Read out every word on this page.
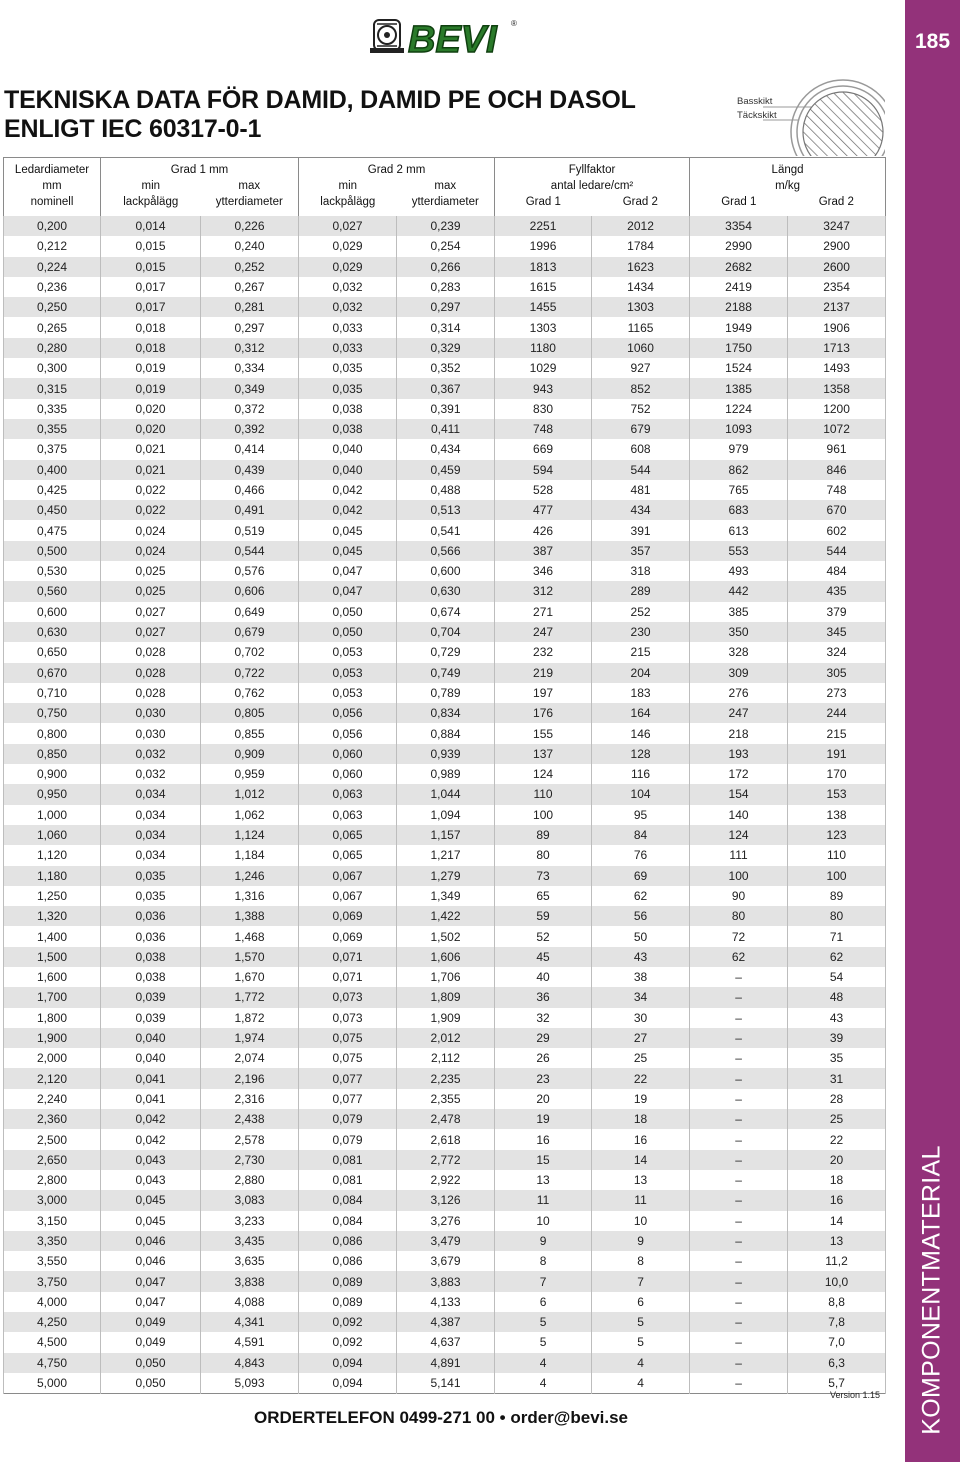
BEVI ®
TEKNISKA DATA FÖR DAMID, DAMID PE OCH DASOL
ENLIGT IEC 60317-0-1
Basskikt
Täckskikt
185
KOMPONENTMATERIAL
Ledardiameter	Grad 1 mm		Grad 2 mm		Fyllfaktor		Längd	
mm	min	max	min	max	antal ledare/cm²		m/kg	
nominell	lackpålägg	ytterdiameter	lackpålägg	ytterdiameter	Grad 1	Grad 2	Grad 1	Grad 2
0,200	0,014	0,226	0,027	0,239	2251	2012	3354	3247
0,212	0,015	0,240	0,029	0,254	1996	1784	2990	2900
0,224	0,015	0,252	0,029	0,266	1813	1623	2682	2600
0,236	0,017	0,267	0,032	0,283	1615	1434	2419	2354
0,250	0,017	0,281	0,032	0,297	1455	1303	2188	2137
0,265	0,018	0,297	0,033	0,314	1303	1165	1949	1906
0,280	0,018	0,312	0,033	0,329	1180	1060	1750	1713
0,300	0,019	0,334	0,035	0,352	1029	927	1524	1493
0,315	0,019	0,349	0,035	0,367	943	852	1385	1358
0,335	0,020	0,372	0,038	0,391	830	752	1224	1200
0,355	0,020	0,392	0,038	0,411	748	679	1093	1072
0,375	0,021	0,414	0,040	0,434	669	608	979	961
0,400	0,021	0,439	0,040	0,459	594	544	862	846
0,425	0,022	0,466	0,042	0,488	528	481	765	748
0,450	0,022	0,491	0,042	0,513	477	434	683	670
0,475	0,024	0,519	0,045	0,541	426	391	613	602
0,500	0,024	0,544	0,045	0,566	387	357	553	544
0,530	0,025	0,576	0,047	0,600	346	318	493	484
0,560	0,025	0,606	0,047	0,630	312	289	442	435
0,600	0,027	0,649	0,050	0,674	271	252	385	379
0,630	0,027	0,679	0,050	0,704	247	230	350	345
0,650	0,028	0,702	0,053	0,729	232	215	328	324
0,670	0,028	0,722	0,053	0,749	219	204	309	305
0,710	0,028	0,762	0,053	0,789	197	183	276	273
0,750	0,030	0,805	0,056	0,834	176	164	247	244
0,800	0,030	0,855	0,056	0,884	155	146	218	215
0,850	0,032	0,909	0,060	0,939	137	128	193	191
0,900	0,032	0,959	0,060	0,989	124	116	172	170
0,950	0,034	1,012	0,063	1,044	110	104	154	153
1,000	0,034	1,062	0,063	1,094	100	95	140	138
1,060	0,034	1,124	0,065	1,157	89	84	124	123
1,120	0,034	1,184	0,065	1,217	80	76	111	110
1,180	0,035	1,246	0,067	1,279	73	69	100	100
1,250	0,035	1,316	0,067	1,349	65	62	90	89
1,320	0,036	1,388	0,069	1,422	59	56	80	80
1,400	0,036	1,468	0,069	1,502	52	50	72	71
1,500	0,038	1,570	0,071	1,606	45	43	62	62
1,600	0,038	1,670	0,071	1,706	40	38	–	54
1,700	0,039	1,772	0,073	1,809	36	34	–	48
1,800	0,039	1,872	0,073	1,909	32	30	–	43
1,900	0,040	1,974	0,075	2,012	29	27	–	39
2,000	0,040	2,074	0,075	2,112	26	25	–	35
2,120	0,041	2,196	0,077	2,235	23	22	–	31
2,240	0,041	2,316	0,077	2,355	20	19	–	28
2,360	0,042	2,438	0,079	2,478	19	18	–	25
2,500	0,042	2,578	0,079	2,618	16	16	–	22
2,650	0,043	2,730	0,081	2,772	15	14	–	20
2,800	0,043	2,880	0,081	2,922	13	13	–	18
3,000	0,045	3,083	0,084	3,126	11	11	–	16
3,150	0,045	3,233	0,084	3,276	10	10	–	14
3,350	0,046	3,435	0,086	3,479	9	9	–	13
3,550	0,046	3,635	0,086	3,679	8	8	–	11,2
3,750	0,047	3,838	0,089	3,883	7	7	–	10,0
4,000	0,047	4,088	0,089	4,133	6	6	–	8,8
4,250	0,049	4,341	0,092	4,387	5	5	–	7,8
4,500	0,049	4,591	0,092	4,637	5	5	–	7,0
4,750	0,050	4,843	0,094	4,891	4	4	–	6,3
5,000	0,050	5,093	0,094	5,141	4	4	–	5,7
Version 1.15
ORDERTELEFON 0499-271 00 • order@bevi.se
